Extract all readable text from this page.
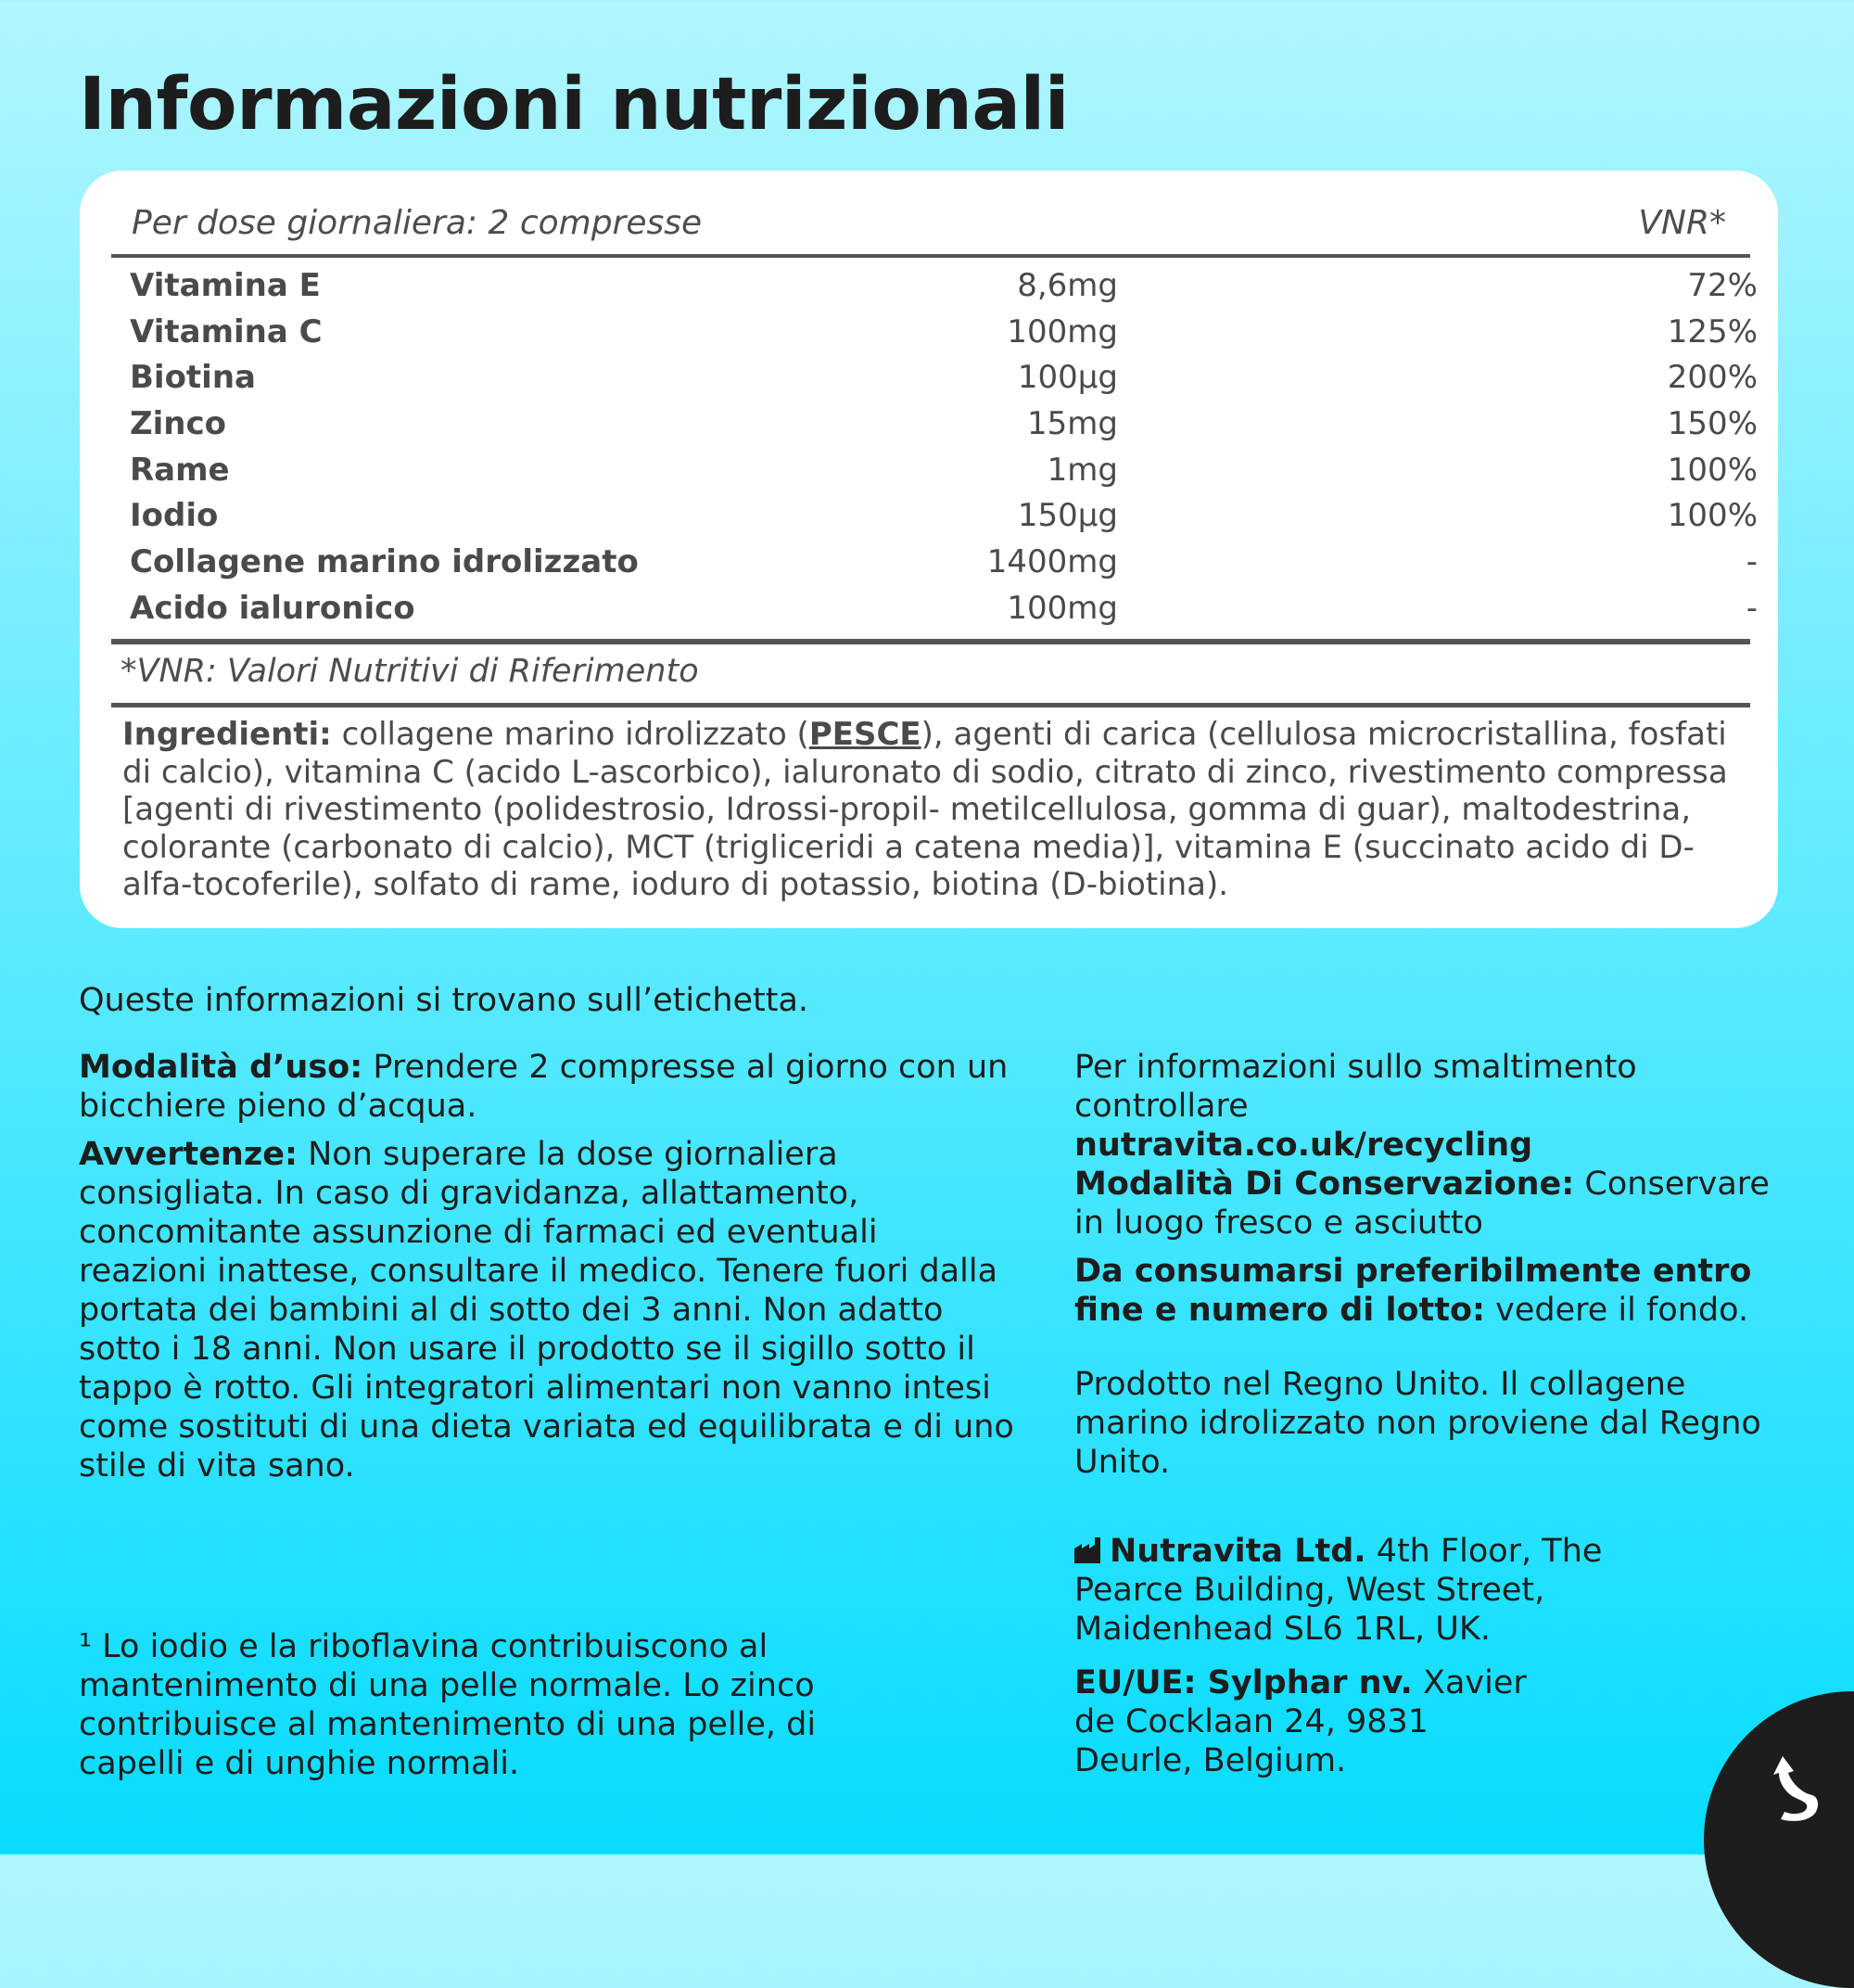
Informazioni nutrizionali
Per dose giornaliera: 2 compresse	VNR*
Vitamina E	8,6mg	72%
Vitamina C	100mg	125%
Biotina	100µg	200%
Zinco	15mg	150%
Rame	1mg	100%
Iodio	150µg	100%
Collagene marino idrolizzato	1400mg	-
Acido ialuronico	100mg	-
*VNR: Valori Nutritivi di Riferimento
Ingredienti: collagene marino idrolizzato (PESCE), agenti di carica (cellulosa microcristallina, fosfati di calcio), vitamina C (acido L-ascorbico), ialuronato di sodio, citrato di zinco, rivestimento compressa [agenti di rivestimento (polidestrosio, Idrossi-propil- metilcellulosa, gomma di guar), maltodestrina, colorante (carbonato di calcio), MCT (trigliceridi a catena media)], vitamina E (succinato acido di D-alfa-tocoferile), solfato di rame, ioduro di potassio, biotina (D-biotina).
Queste informazioni si trovano sull’etichetta.
Modalità d’uso: Prendere 2 compresse al giorno con un bicchiere pieno d’acqua.
Avvertenze: Non superare la dose giornaliera consigliata. In caso di gravidanza, allattamento, concomitante assunzione di farmaci ed eventuali reazioni inattese, consultare il medico. Tenere fuori dalla portata dei bambini al di sotto dei 3 anni. Non adatto sotto i 18 anni. Non usare il prodotto se il sigillo sotto il tappo è rotto. Gli integratori alimentari non vanno intesi come sostituti di una dieta variata ed equilibrata e di uno stile di vita sano.
¹ Lo iodio e la riboflavina contribuiscono al mantenimento di una pelle normale. Lo zinco contribuisce al mantenimento di una pelle, di capelli e di unghie normali.
Per informazioni sullo smaltimento controllare
nutravita.co.uk/recycling
Modalità Di Conservazione: Conservare in luogo fresco e asciutto
Da consumarsi preferibilmente entro fine e numero di lotto: vedere il fondo.
Prodotto nel Regno Unito. Il collagene marino idrolizzato non proviene dal Regno Unito.
Nutravita Ltd. 4th Floor, The Pearce Building, West Street, Maidenhead SL6 1RL, UK.
EU/UE: Sylphar nv. Xavier de Cocklaan 24, 9831 Deurle, Belgium.
